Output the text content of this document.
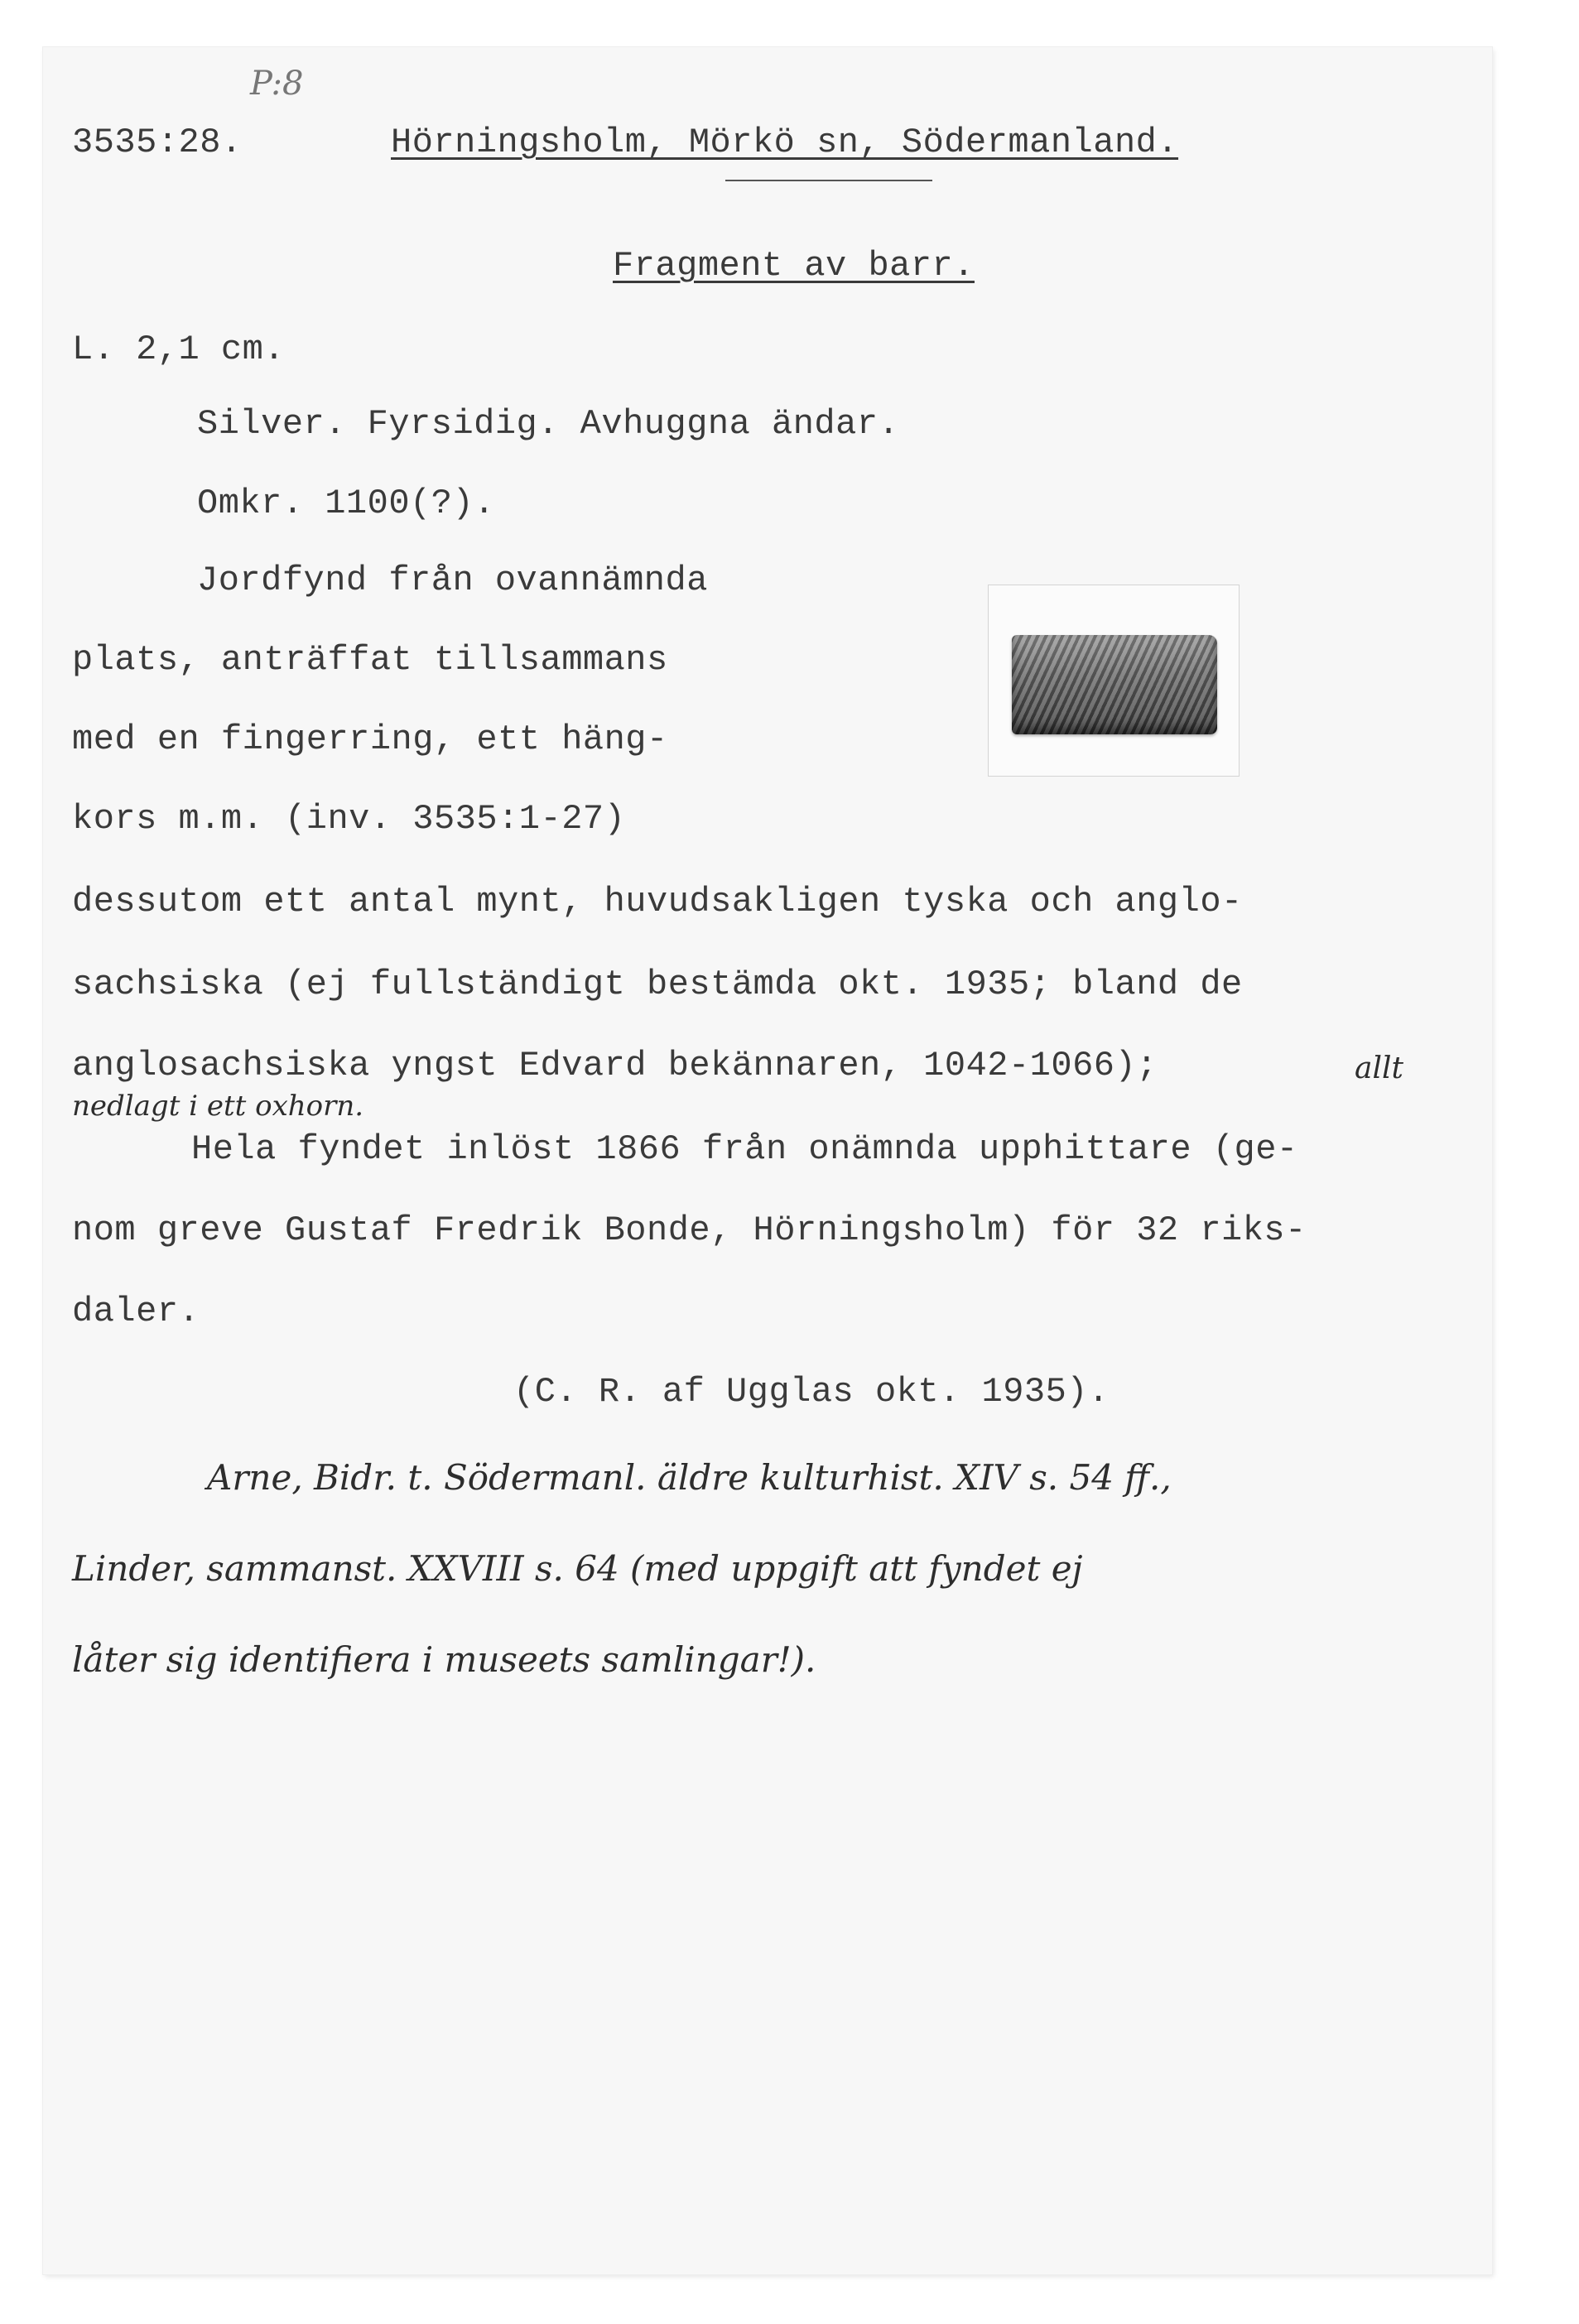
P:8
3535:28.	Hörningsholm, Mörkö sn, Södermanland.
Fragment av barr.
L. 2,1 cm.
Silver. Fyrsidig. Avhuggna ändar.
Omkr. 1100(?).
Jordfynd från ovannämnda
plats, anträffat tillsammans
med en fingerring, ett häng-
kors m.m. (inv. 3535:1-27)
dessutom ett antal mynt, huvudsakligen tyska och anglo-
sachsiska (ej fullständigt bestämda okt. 1935; bland de
anglosachsiska yngst Edvard bekännaren, 1042-1066);	allt
nedlagt i ett oxhorn.
Hela fyndet inlöst 1866 från onämnda upphittare (ge-
nom greve Gustaf Fredrik Bonde, Hörningsholm) för 32 riks-
daler.
(C. R. af Ugglas okt. 1935).
Arne, Bidr. t. Södermanl. äldre kulturhist. XIV s. 54 ff.,
Linder, sammanst. XXVIII s. 64 (med uppgift att fyndet ej
låter sig identifiera i museets samlingar!).
